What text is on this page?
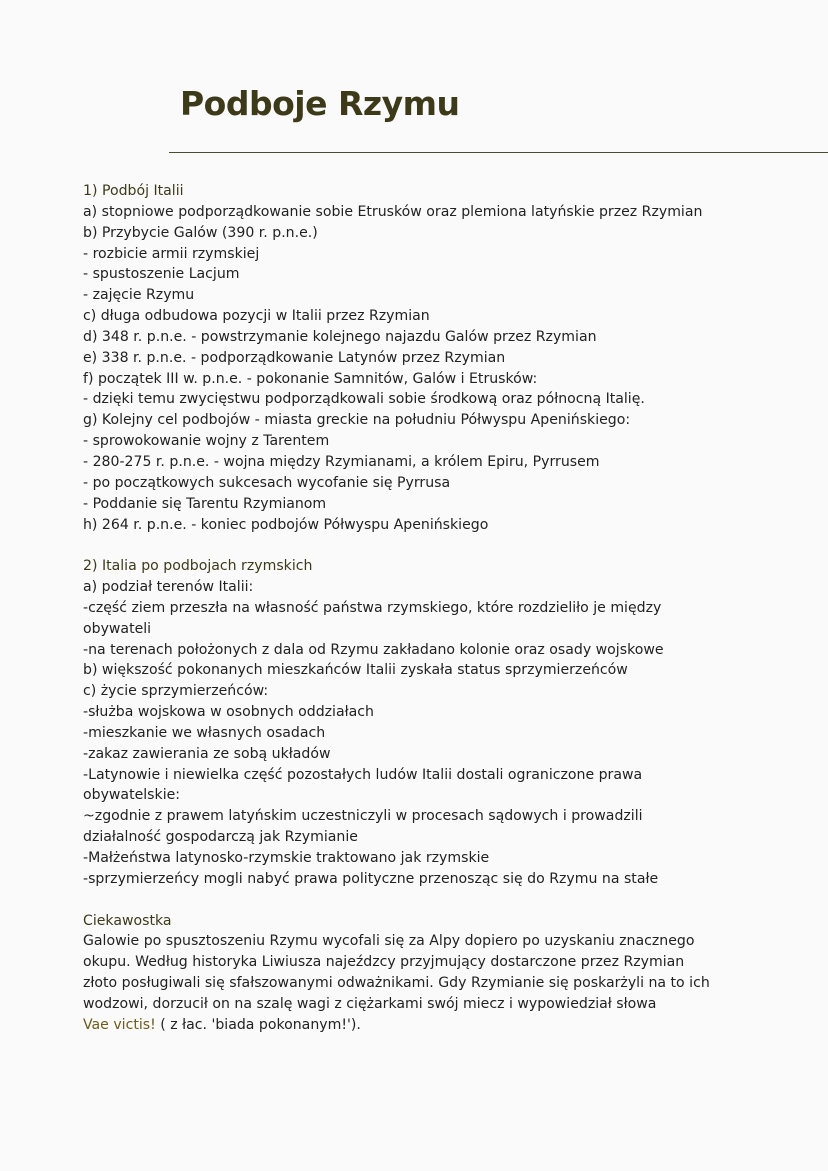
Podboje Rzymu

1) Podbój Italii

a) stopniowe podporządkowanie sobie Etrusków oraz plemiona latyńskie przez Rzymian

b) Przybycie Galów (390 r. p.n.e.)

- rozbicie armii rzymskiej

- spustoszenie Lacjum

- zajęcie Rzymu

c) długa odbudowa pozycji w Italii przez Rzymian

d) 348 r. p.n.e. - powstrzymanie kolejnego najazdu Galów przez Rzymian

e) 338 r. p.n.e. - podporządkowanie Latynów przez Rzymian

f) początek III w. p.n.e. - pokonanie Samnitów, Galów i Etrusków:

- dzięki temu zwycięstwu podporządkowali sobie środkową oraz północną Italię.

g) Kolejny cel podbojów - miasta greckie na południu Półwyspu Apenińskiego:

- sprowokowanie wojny z Tarentem

- 280-275 r. p.n.e. - wojna między Rzymianami, a królem Epiru, Pyrrusem

- po początkowych sukcesach wycofanie się Pyrrusa

- Poddanie się Tarentu Rzymianom

h) 264 r. p.n.e. - koniec podbojów Półwyspu Apenińskiego

2) Italia po podbojach rzymskich

a) podział terenów Italii:

-część ziem przeszła na własność państwa rzymskiego, które rozdzieliło je między obywateli

-na terenach położonych z dala od Rzymu zakładano kolonie oraz osady wojskowe

b) większość pokonanych mieszkańców Italii zyskała status sprzymierzeńców

c) życie sprzymierzeńców:

-służba wojskowa w osobnych oddziałach

-mieszkanie we własnych osadach

-zakaz zawierania ze sobą układów

-Latynowie i niewielka część pozostałych ludów Italii dostali ograniczone prawa obywatelskie:

~zgodnie z prawem latyńskim uczestniczyli w procesach sądowych i prowadzili działalność gospodarczą jak Rzymianie

-Małżeństwa latynosko-rzymskie traktowano jak rzymskie

-sprzymierzeńcy mogli nabyć prawa polityczne przenosząc się do Rzymu na stałe

Ciekawostka

Galowie po spusztoszeniu Rzymu wycofali się za Alpy dopiero po uzyskaniu znacznego okupu. Według historyka Liwiusza najeźdzcy przyjmujący dostarczone przez Rzymian złoto posługiwali się sfałszowanymi odważnikami. Gdy Rzymianie się poskarżyli na to ich wodzowi, dorzucił on na szalę wagi z ciężarkami swój miecz i wypowiedział słowa
Vae victis! ( z łac. 'biada pokonanym!').
